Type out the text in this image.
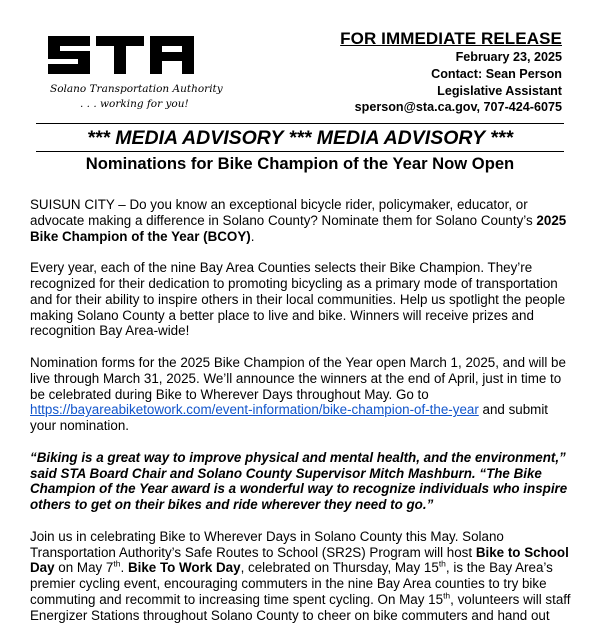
Solano Transportation Authority
. . . working for you!
FOR IMMEDIATE RELEASE
February 23, 2025
Contact: Sean Person
Legislative Assistant
sperson@sta.ca.gov, 707-424-6075
*** MEDIA ADVISORY *** MEDIA ADVISORY ***
Nominations for Bike Champion of the Year Now Open

SUISUN CITY – Do you know an exceptional bicycle rider, policymaker, educator, or advocate making a difference in Solano County? Nominate them for Solano County’s 2025 Bike Champion of the Year (BCOY).

Every year, each of the nine Bay Area Counties selects their Bike Champion. They’re recognized for their dedication to promoting bicycling as a primary mode of transportation and for their ability to inspire others in their local communities. Help us spotlight the people making Solano County a better place to live and bike. Winners will receive prizes and recognition Bay Area-wide!

Nomination forms for the 2025 Bike Champion of the Year open March 1, 2025, and will be live through March 31, 2025. We’ll announce the winners at the end of April, just in time to be celebrated during Bike to Wherever Days throughout May. Go to https://bayareabiketowork.com/event-information/bike-champion-of-the-year and submit your nomination.

“Biking is a great way to improve physical and mental health, and the environment,” said STA Board Chair and Solano County Supervisor Mitch Mashburn. “The Bike Champion of the Year award is a wonderful way to recognize individuals who inspire others to get on their bikes and ride wherever they need to go.”

Join us in celebrating Bike to Wherever Days in Solano County this May. Solano Transportation Authority’s Safe Routes to School (SR2S) Program will host Bike to School Day on May 7th. Bike To Work Day, celebrated on Thursday, May 15th, is the Bay Area’s premier cycling event, encouraging commuters in the nine Bay Area counties to try bike commuting and recommit to increasing time spent cycling. On May 15th, volunteers will staff Energizer Stations throughout Solano County to cheer on bike commuters and hand out
